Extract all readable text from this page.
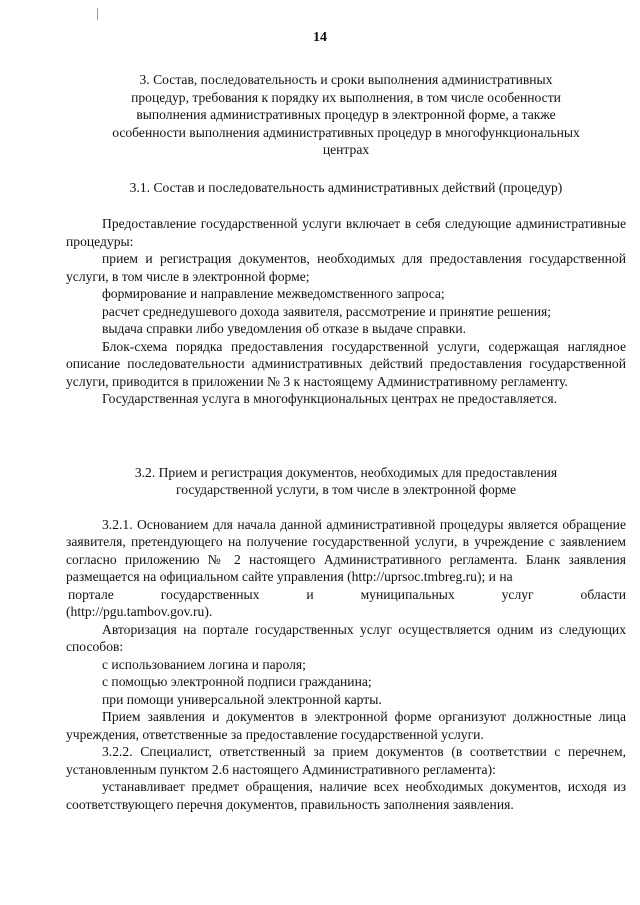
14
3. Состав, последовательность и сроки выполнения административных
процедур, требования к порядку их выполнения, в том числе особенности
выполнения административных процедур в электронной форме, а также
особенности выполнения административных процедур в многофункциональных
центрах
3.1. Состав и последовательность административных действий (процедур)

Предоставление государственной услуги включает в себя следующие административные процедуры:

прием и регистрация документов, необходимых для предоставления государственной услуги, в том числе в электронной форме;

формирование и направление межведомственного запроса;

расчет среднедушевого дохода заявителя, рассмотрение и принятие решения;

выдача справки либо уведомления об отказе в выдаче справки.

Блок-схема порядка предоставления государственной услуги, содержащая наглядное описание последовательности административных действий предоставления государственной услуги, приводится в приложении № 3 к настоящему Административному регламенту.

Государственная услуга в многофункциональных центрах не предоставляется.

3.2. Прием и регистрация документов, необходимых для предоставления
государственной услуги, в том числе в электронной форме

3.2.1. Основанием для начала данной административной процедуры является обращение заявителя, претендующего на получение государственной услуги, в учреждение с заявлением согласно приложению № 2 настоящего Административного регламента. Бланк заявления размещается на официальном сайте управления (http://uprsoc.tmbreg.ru); и на

портале	государственных	и	муниципальных	услуг	области

(http://pgu.tambov.gov.ru).

Авторизация на портале государственных услуг осуществляется одним из следующих способов:

с использованием логина и пароля;

с помощью электронной подписи гражданина;

при помощи универсальной электронной карты.

Прием заявления и документов в электронной форме организуют должностные лица учреждения, ответственные за предоставление государственной услуги.

3.2.2. Специалист, ответственный за прием документов (в соответствии с перечнем, установленным пунктом 2.6 настоящего Административного регламента):

устанавливает предмет обращения, наличие всех необходимых документов, исходя из соответствующего перечня документов, правильность заполнения заявления.
